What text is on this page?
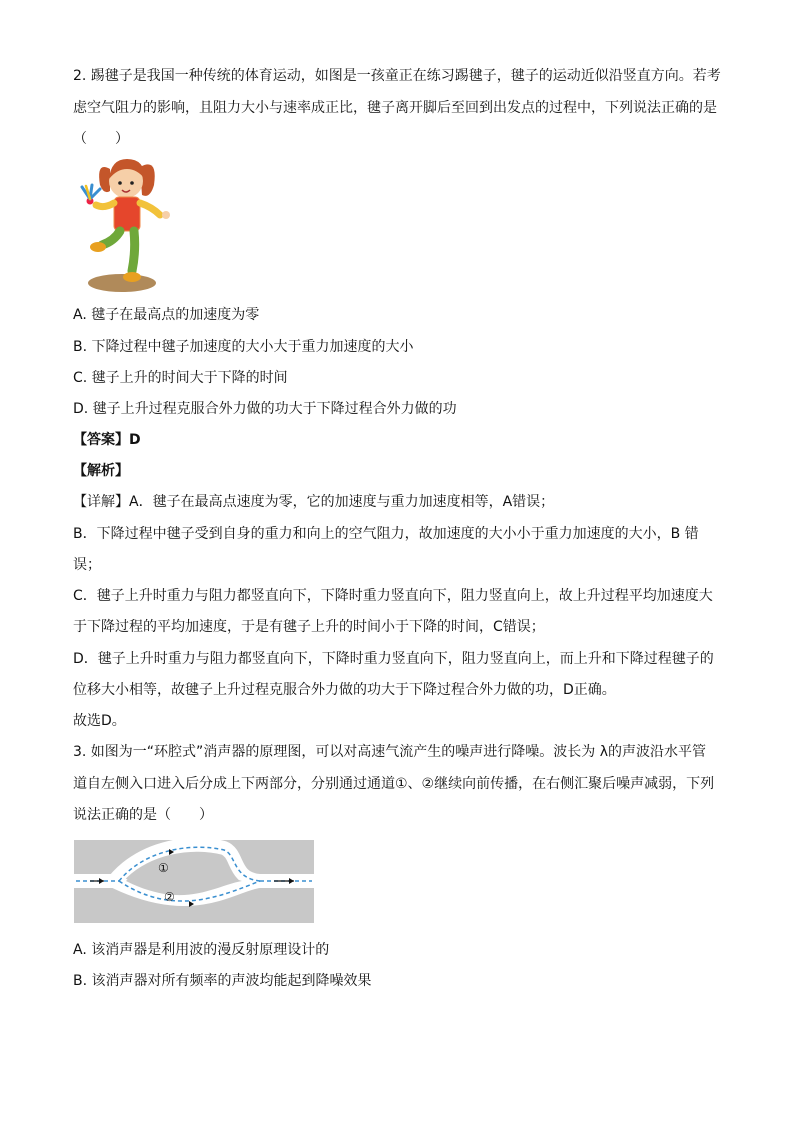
2. 踢毽子是我国一种传统的体育运动，如图是一孩童正在练习踢毽子，毽子的运动近似沿竖直方向。若考
虑空气阻力的影响，且阻力大小与速率成正比，毽子离开脚后至回到出发点的过程中，下列说法正确的是
（　　）
A. 毽子在最高点的加速度为零
B. 下降过程中毽子加速度的大小大于重力加速度的大小
C. 毽子上升的时间大于下降的时间
D. 毽子上升过程克服合外力做的功大于下降过程合外力做的功
【答案】D
【解析】
【详解】A．毽子在最高点速度为零，它的加速度与重力加速度相等，A错误；
B．下降过程中毽子受到自身的重力和向上的空气阻力，故加速度的大小小于重力加速度的大小，B 错
误；
C．毽子上升时重力与阻力都竖直向下，下降时重力竖直向下，阻力竖直向上，故上升过程平均加速度大
于下降过程的平均加速度，于是有毽子上升的时间小于下降的时间，C错误；
D．毽子上升时重力与阻力都竖直向下，下降时重力竖直向下，阻力竖直向上，而上升和下降过程毽子的
位移大小相等，故毽子上升过程克服合外力做的功大于下降过程合外力做的功，D正确。
故选D。
3. 如图为一“环腔式”消声器的原理图，可以对高速气流产生的噪声进行降噪。波长为 λ的声波沿水平管
道自左侧入口进入后分成上下两部分，分别通过通道①、②继续向前传播，在右侧汇聚后噪声减弱，下列
说法正确的是（　　）
①
②
A. 该消声器是利用波的漫反射原理设计的
B. 该消声器对所有频率的声波均能起到降噪效果
